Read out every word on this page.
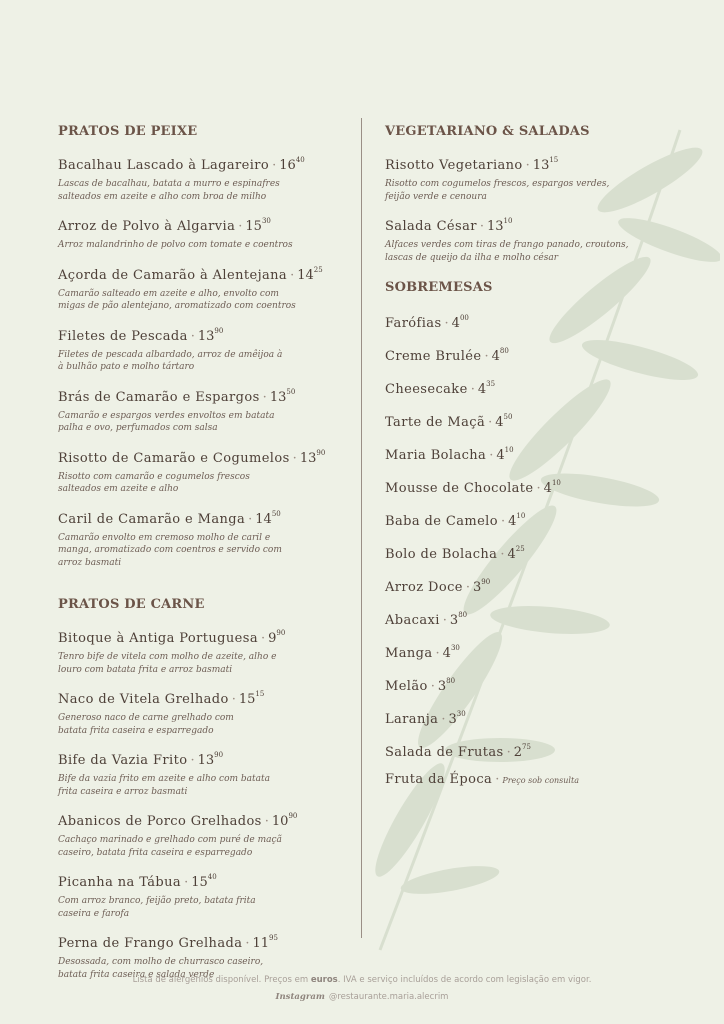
PRATOS DE PEIXE
Bacalhau Lascado à Lagareiro · $16^{40}$
Lascas de bacalhau, batata a murro e espinafres
salteados em azeite e alho com broa de milho
Arroz de Polvo à Algarvia · $15^{30}$
Arroz malandrinho de polvo com tomate e coentros
Açorda de Camarão à Alentejana · $14^{25}$
Camarão salteado em azeite e alho, envolto com
migas de pão alentejano, aromatizado com coentros
Filetes de Pescada · $13^{90}$
Filetes de pescada albardado, arroz de amêijoa à
à bulhão pato e molho tártaro
Brás de Camarão e Espargos · $13^{50}$
Camarão e espargos verdes envoltos em batata
palha e ovo, perfumados com salsa
Risotto de Camarão e Cogumelos · $13^{90}$
Risotto com camarão e cogumelos frescos
salteados em azeite e alho
Caril de Camarão e Manga · $14^{50}$
Camarão envolto em cremoso molho de caril e
manga, aromatizado com coentros e servido com
arroz basmati
PRATOS DE CARNE
Bitoque à Antiga Portuguesa · $9^{90}$
Tenro bife de vitela com molho de azeite, alho e
louro com batata frita e arroz basmati
Naco de Vitela Grelhado · $15^{15}$
Generoso naco de carne grelhado com
batata frita caseira e esparregado
Bife da Vazia Frito · $13^{90}$
Bife da vazia frito em azeite e alho com batata
frita caseira e arroz basmati
Abanicos de Porco Grelhados · $10^{90}$
Cachaço marinado e grelhado com puré de maçã
caseiro, batata frita caseira e esparregado
Picanha na Tábua · $15^{40}$
Com arroz branco, feijão preto, batata frita
caseira e farofa
Perna de Frango Grelhada · $11^{95}$
Desossada, com molho de churrasco caseiro,
batata frita caseira e salada verde
VEGETARIANO & SALADAS
Risotto Vegetariano · $13^{15}$
Risotto com cogumelos frescos, espargos verdes,
feijão verde e cenoura
Salada César · $13^{10}$
Alfaces verdes com tiras de frango panado, croutons,
lascas de queijo da ilha e molho césar
SOBREMESAS
Farófias · $4^{00}$
Creme Brulée · $4^{80}$
Cheesecake · $4^{35}$
Tarte de Maçã · $4^{50}$
Maria Bolacha · $4^{10}$
Mousse de Chocolate · $4^{10}$
Baba de Camelo · $4^{10}$
Bolo de Bolacha · $4^{25}$
Arroz Doce · $3^{90}$
Abacaxi · $3^{80}$
Manga · $4^{30}$
Melão · $3^{80}$
Laranja · $3^{30}$
Salada de Frutas · $2^{75}$
Fruta da Época · Preço sob consulta
Lista de alergénios disponível. Preços em euros. IVA e serviço incluídos de acordo com legislação em vigor.
Instagram @restaurante.maria.alecrim
